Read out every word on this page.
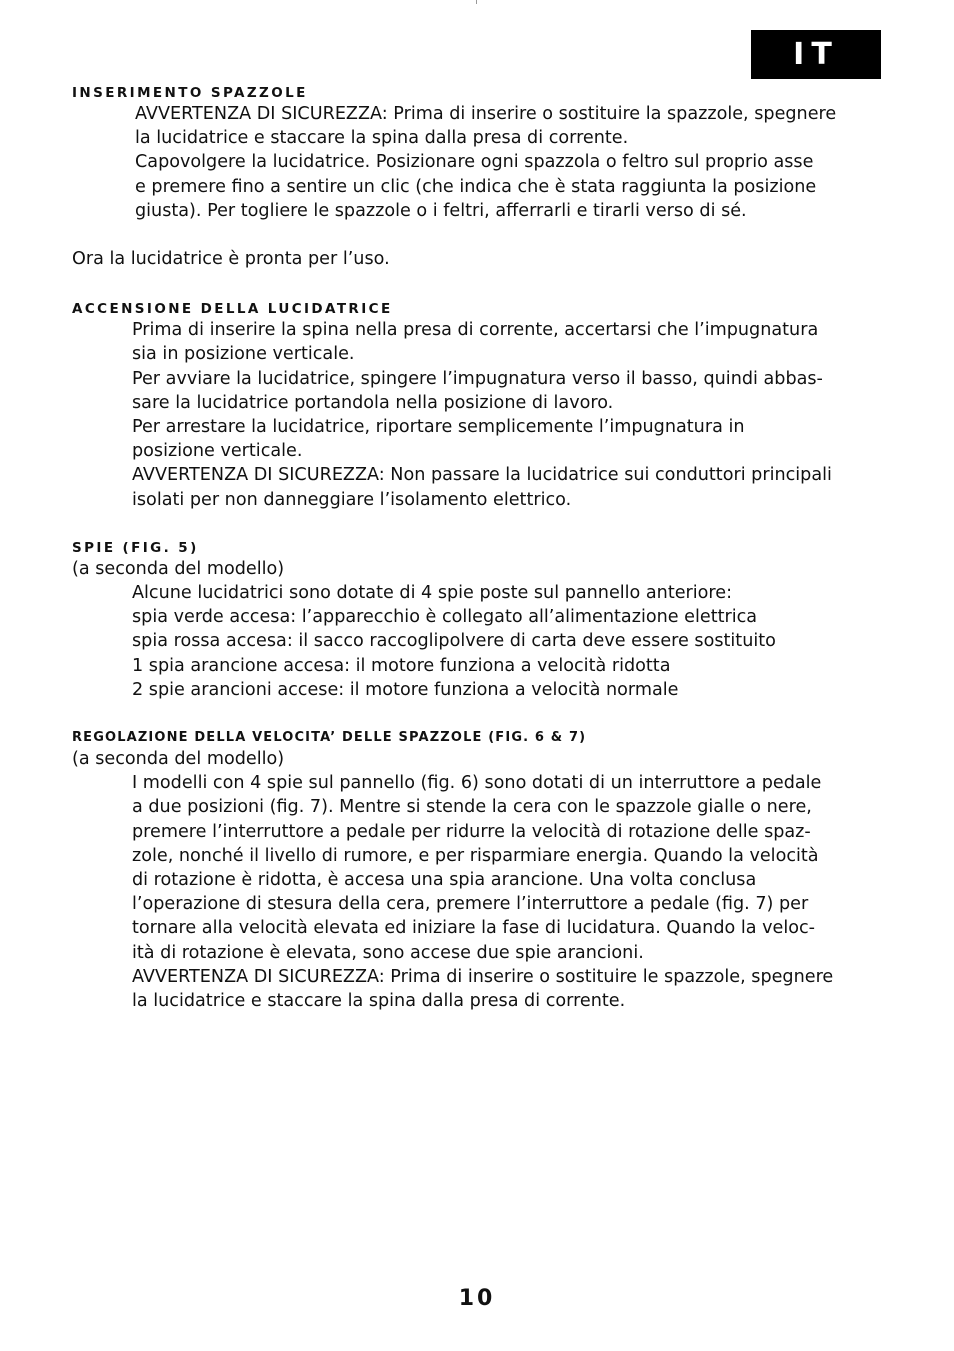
IT
INSERIMENTO SPAZZOLE

AVVERTENZA DI SICUREZZA: Prima di inserire o sostituire la spazzole, spegnere

la lucidatrice e staccare la spina dalla presa di corrente.

Capovolgere la lucidatrice. Posizionare ogni spazzola o feltro sul proprio asse

e premere fino a sentire un clic (che indica che è stata raggiunta la posizione

giusta). Per togliere le spazzole o i feltri, afferrarli e tirarli verso di sé.

Ora la lucidatrice è pronta per l’uso.

ACCENSIONE DELLA LUCIDATRICE

Prima di inserire la spina nella presa di corrente, accertarsi che l’impugnatura

sia in posizione verticale.

Per avviare la lucidatrice, spingere l’impugnatura verso il basso, quindi abbas-

sare la lucidatrice portandola nella posizione di lavoro.

Per arrestare la lucidatrice, riportare semplicemente l’impugnatura in

posizione verticale.

AVVERTENZA DI SICUREZZA: Non passare la lucidatrice sui conduttori principali

isolati per non danneggiare l’isolamento elettrico.

SPIE (FIG. 5)

(a seconda del modello)

Alcune lucidatrici sono dotate di 4 spie poste sul pannello anteriore:

spia verde accesa: l’apparecchio è collegato all’alimentazione elettrica

spia rossa accesa: il sacco raccoglipolvere di carta deve essere sostituito

1 spia arancione accesa: il motore funziona a velocità ridotta

2 spie arancioni accese: il motore funziona a velocità normale

REGOLAZIONE DELLA VELOCITA’ DELLE SPAZZOLE (FIG. 6 & 7)

(a seconda del modello)

I modelli con 4 spie sul pannello (fig. 6) sono dotati di un interruttore a pedale

a due posizioni (fig. 7). Mentre si stende la cera con le spazzole gialle o nere,

premere l’interruttore a pedale per ridurre la velocità di rotazione delle spaz-

zole, nonché il livello di rumore, e per risparmiare energia. Quando la velocità

di rotazione è ridotta, è accesa una spia arancione. Una volta conclusa

l’operazione di stesura della cera, premere l’interruttore a pedale (fig. 7) per

tornare alla velocità elevata ed iniziare la fase di lucidatura. Quando la veloc-

ità di rotazione è elevata, sono accese due spie arancioni.

AVVERTENZA DI SICUREZZA: Prima di inserire o sostituire le spazzole, spegnere

la lucidatrice e staccare la spina dalla presa di corrente.

10
